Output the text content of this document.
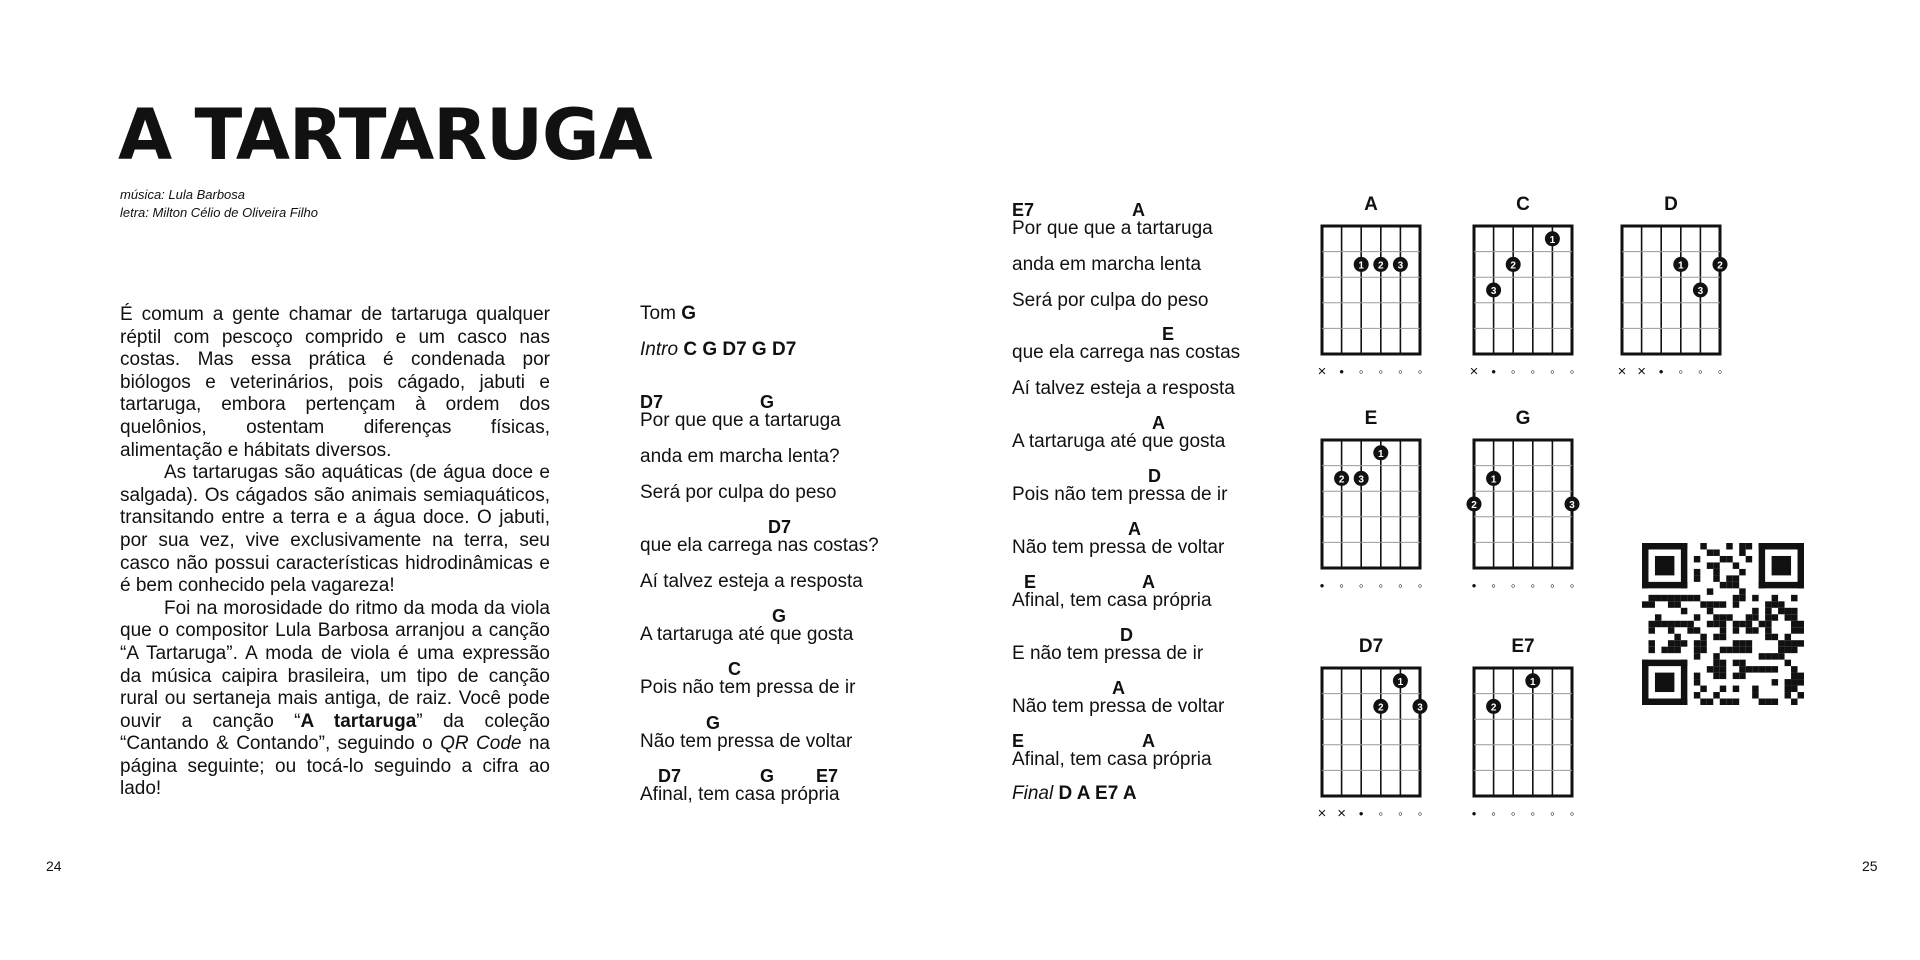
A TARTARUGA
música: Lula Barbosa
letra: Milton Célio de Oliveira Filho

É comum a gente chamar de tartaruga qualquer réptil com pescoço comprido e um casco nas costas. Mas essa prática é condenada por biólogos e veterinários, pois cágado, jabuti e tartaruga, embora pertençam à ordem dos quelônios, ostentam diferenças físicas, alimentação e hábitats diversos.

As tartarugas são aquáticas (de água doce e salgada). Os cágados são animais semiaquáticos, transitando entre a terra e a água doce. O jabuti, por sua vez, vive exclusivamente na terra, seu casco não possui características hidrodinâmicas e é bem conhecido pela vagareza!

Foi na morosidade do ritmo da moda da viola que o compositor Lula Barbosa arranjou a canção “A Tartaruga”. A moda de viola é uma expressão da música caipira brasileira, um tipo de canção rural ou sertaneja mais antiga, de raiz. Você pode ouvir a canção “A tartaruga” da coleção “Cantando & Contando”, seguindo o QR Code na página seguinte; ou tocá-lo seguindo a cifra ao lado!

24
Tom G
Intro C G D7 G D7
D7	G
Por que que a tartaruga
anda em marcha lenta?
Será por culpa do peso
D7
que ela carrega nas costas?
Aí talvez esteja a resposta
G
A tartaruga até que gosta
C
Pois não tem pressa de ir
G
Não tem pressa de voltar
D7	G E7
Afinal, tem casa própria
E7	A
Por que que a tartaruga
anda em marcha lenta
Será por culpa do peso
E
que ela carrega nas costas
Aí talvez esteja a resposta
A
A tartaruga até que gosta
D
Pois não tem pressa de ir
A
Não tem pressa de voltar
E	A
Afinal, tem casa própria
D
E não tem pressa de ir
A
Não tem pressa de voltar
E	A
Afinal, tem casa própria
Final D A E7 A
A
1 2 3
× • ◦ ◦ ◦ ◦
C
1
2
3
× • ◦ ◦ ◦ ◦
D
1	2
3
× × • ◦ ◦ ◦
E
1
2 3
• ◦ ◦ ◦ ◦ ◦
G
1
2	3
• ◦ ◦ ◦ ◦ ◦
D7
1
2	3
× × • ◦ ◦ ◦
E7
1
2
• ◦ ◦ ◦ ◦ ◦
25
